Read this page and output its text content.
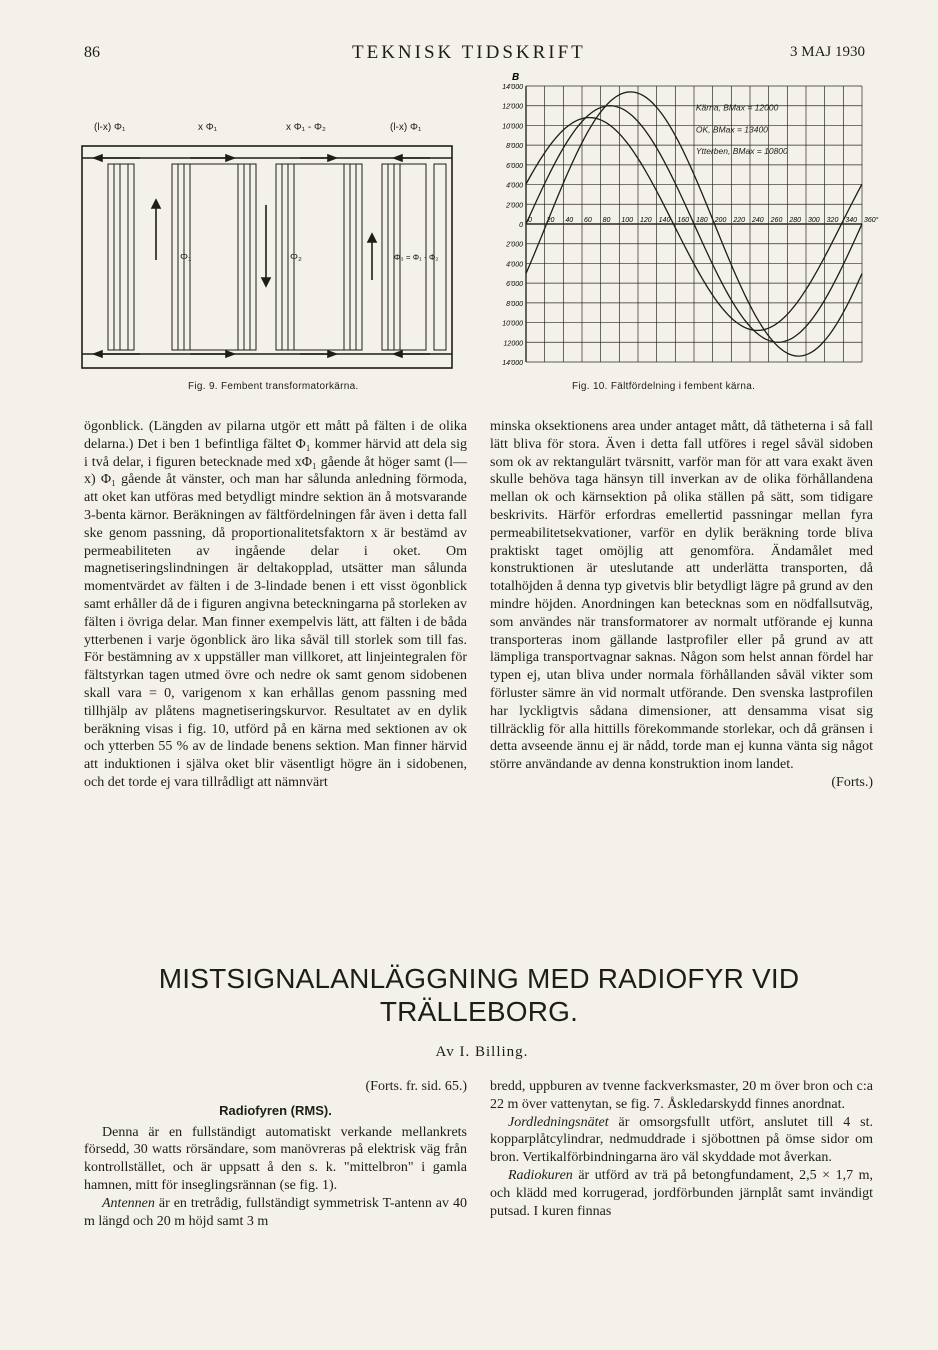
86	TEKNISK TIDSKRIFT	3 MAJ 1930
(l-x) Φ₁	x Φ₁	x Φ₁ - Φ₂	(l-x) Φ₁
Φ₁	Φ₂	Φ₃ = Φ₁ - Φ₂
Fig. 9. Fembent transformatorkärna.
14'000
12'000
10'000
8'000
6'000
4'000
2'000
0
2'000
4'000
6'000
8'000
10'000
12000
14'000
0 20 40 60 80 100 120 140 160 180 200 220 240 260 280 300 320 340 360°
B
Kärna, BMax = 12000
OK, BMax = 13400
Ytterben, BMax = 10800
Fig. 10. Fältfördelning i fembent kärna.

ögonblick. (Längden av pilarna utgör ett mått på fälten i de olika delarna.) Det i ben 1 befintliga fältet Φ₁ kommer härvid att dela sig i två delar, i figuren betecknade med xΦ₁ gående åt höger samt (l—x) Φ₁ gående åt vänster, och man har sålunda anledning förmoda, att oket kan utföras med betydligt mindre sektion än å motsvarande 3-benta kärnor. Beräkningen av fältfördelningen får även i detta fall ske genom passning, då proportionalitetsfaktorn x är bestämd av permeabiliteten av ingående delar i oket. Om magnetiseringslindningen är deltakopplad, utsätter man sålunda momentvärdet av fälten i de 3-lindade benen i ett visst ögonblick samt erhåller då de i figuren angivna beteckningarna på storleken av fälten i övriga delar. Man finner exempelvis lätt, att fälten i de båda ytterbenen i varje ögonblick äro lika såväl till storlek som till fas. För bestämning av x uppställer man villkoret, att linjeintegralen för fältstyrkan tagen utmed övre och nedre ok samt genom sidobenen skall vara = 0, varigenom x kan erhållas genom passning med tillhjälp av plåtens magnetiseringskurvor. Resultatet av en dylik beräkning visas i fig. 10, utförd på en kärna med sektionen av ok och ytterben 55 % av de lindade benens sektion. Man finner härvid att induktionen i själva oket blir väsentligt högre än i sidobenen, och det torde ej vara tillrådligt att nämnvärt

minska oksektionens area under antaget mått, då tätheterna i så fall lätt bliva för stora. Även i detta fall utföres i regel såväl sidoben som ok av rektangulärt tvärsnitt, varför man för att vara exakt även skulle behöva taga hänsyn till inverkan av de olika förhållandena mellan ok och kärnsektion på olika ställen på sätt, som tidigare beskrivits. Härför erfordras emellertid passningar mellan fyra permeabilitetsekvationer, varför en dylik beräkning torde bliva praktiskt taget omöjlig att genomföra. Ändamålet med konstruktionen är uteslutande att underlätta transporten, då totalhöjden å denna typ givetvis blir betydligt lägre på grund av den mindre höjden. Anordningen kan betecknas som en nödfallsutväg, som användes när transformatorer av normalt utförande ej kunna transporteras inom gällande lastprofiler eller på grund av att lämpliga transportvagnar saknas. Någon som helst annan fördel har typen ej, utan bliva under normala förhållanden såväl vikter som förluster sämre än vid normalt utförande. Den svenska lastprofilen har lyckligtvis sådana dimensioner, att densamma visat sig tillräcklig för alla hittills förekommande storlekar, och då gränsen i detta avseende ännu ej är nådd, torde man ej kunna vänta sig något större användande av denna konstruktion inom landet.

(Forts.)

MISTSIGNALANLÄGGNING MED RADIOFYR VID
TRÄLLEBORG.
Av I. Billing.

(Forts. fr. sid. 65.)

Radiofyren (RMS).

Denna är en fullständigt automatiskt verkande mellankrets försedd, 30 watts rörsändare, som manövreras på elektrisk väg från kontrollstället, och är uppsatt å den s. k. "mittelbron" i gamla hamnen, mitt för inseglingsrännan (se fig. 1).

Antennen är en tretrådig, fullständigt symmetrisk T-antenn av 40 m längd och 20 m höjd samt 3 m

bredd, uppburen av tvenne fackverksmaster, 20 m över bron och c:a 22 m över vattenytan, se fig. 7. Åskledarskydd finnes anordnat.

Jordledningsnätet är omsorgsfullt utfört, anslutet till 4 st. kopparplåtcylindrar, nedmuddrade i sjöbottnen på ömse sidor om bron. Vertikalförbindningarna äro väl skyddade mot åverkan.

Radiokuren är utförd av trä på betongfundament, 2,5 × 1,7 m, och klädd med korrugerad, jordförbunden järnplåt samt invändigt putsad. I kuren finnas
